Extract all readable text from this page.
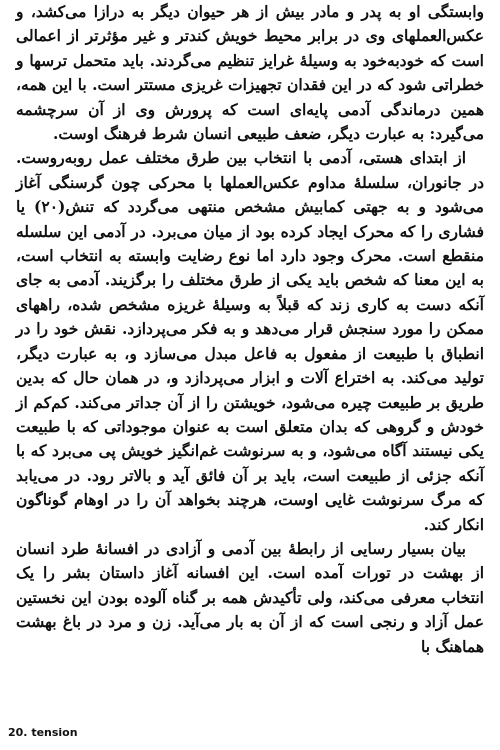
وابستگی او به پدر و مادر بیش از هر حیوان دیگر به درازا می‌کشد، و عکس‌العملهای وی در برابر محیط خویش کندتر و غیر مؤثرتر از اعمالی است که خودبه‌خود به وسیلهٔ غرایز تنظیم می‌گردند. باید متحمل ترسها و خطراتی شود که در این فقدان تجهیزات غریزی مستتر است. با این همه، همین درماندگی آدمی پایه‌ای است که پرورش وی از آن سرچشمه می‌گیرد: به عبارت دیگر، ضعف طبیعی انسان شرط فرهنگ اوست.

از ابتدای هستی، آدمی با انتخاب بین طرق مختلف عمل روبه‌روست. در جانوران، سلسلهٔ مداوم عکس‌العملها با محرکی چون گرسنگی آغاز می‌شود و به جهتی کمابیش مشخص منتهی می‌گردد که تنش(۲۰) یا فشاری را که محرک ایجاد کرده بود از میان می‌برد. در آدمی این سلسله منقطع است. محرک وجود دارد اما نوع رضایت وابسته به انتخاب است، به این معنا که شخص باید یکی از طرق مختلف را برگزیند. آدمی به جای آنکه دست به کاری زند که قبلاً به وسیلهٔ غریزه مشخص شده، راههای ممکن را مورد سنجش قرار می‌دهد و به فکر می‌پردازد. نقش خود را در انطباق با طبیعت از مفعول به فاعل مبدل می‌سازد و، به عبارت دیگر، تولید می‌کند. به اختراع آلات و ابزار می‌پردازد و، در همان حال که بدین طریق بر طبیعت چیره می‌شود، خویشتن را از آن جداتر می‌کند. کم‌کم از خودش و گروهی که بدان متعلق است به عنوان موجوداتی که با طبیعت یکی نیستند آگاه می‌شود، و به سرنوشت غم‌انگیز خویش پی می‌برد که با آنکه جزئی از طبیعت است، باید بر آن فائق آید و بالاتر رود. در می‌یابد که مرگ سرنوشت غایی اوست، هرچند بخواهد آن را در اوهام گوناگون انکار کند.

بیان بسیار رسایی از رابطهٔ بین آدمی و آزادی در افسانهٔ طرد انسان از بهشت در تورات آمده است. این افسانه آغاز داستان بشر را یک انتخاب معرفی می‌کند، ولی تأکیدش همه بر گناه آلوده بودن این نخستین عمل آزاد و رنجی است که از آن به بار می‌آید. زن و مرد در باغ بهشت هماهنگ با

20. tension
